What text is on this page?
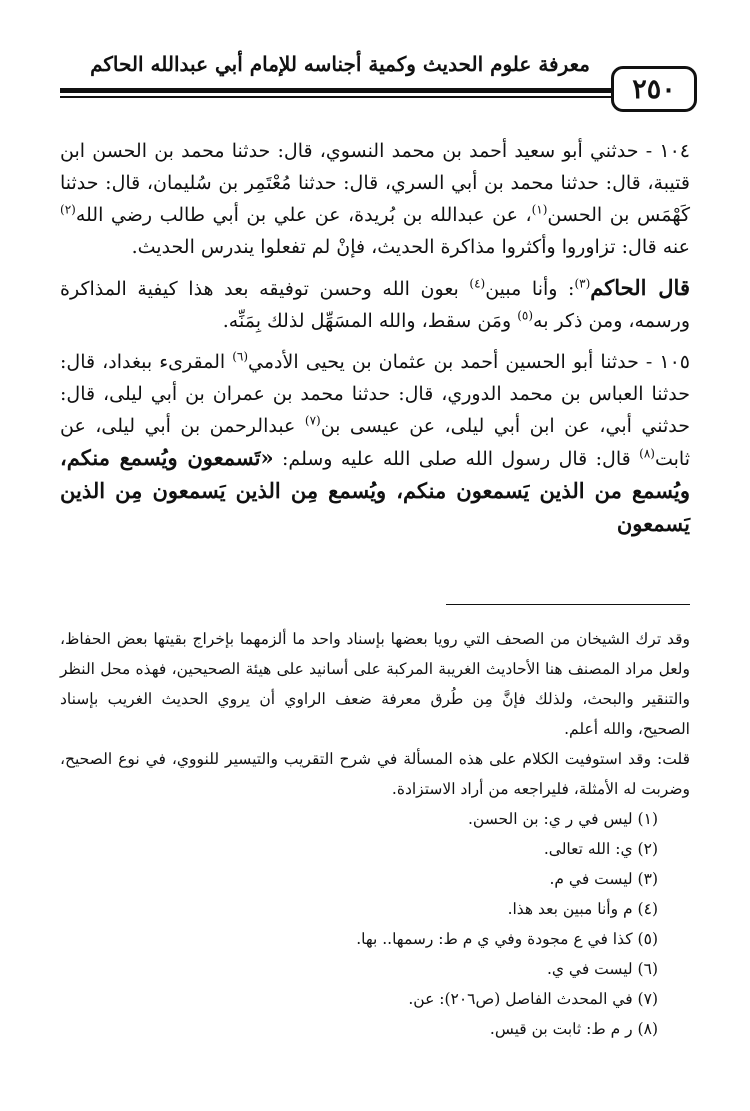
معرفة علوم الحديث وكمية أجناسه للإمام أبي عبدالله الحاكم
٢٥٠

١٠٤ - حدثني أبو سعيد أحمد بن محمد النسوي، قال: حدثنا محمد بن الحسن ابن قتيبة، قال: حدثنا محمد بن أبي السري، قال: حدثنا مُعْتَمِر بن سُليمان، قال: حدثنا كَهْمَس بن الحسن$^{(١)}$، عن عبدالله بن بُريدة، عن علي بن أبي طالب رضي الله$^{(٢)}$ عنه قال: تزاوروا وأكثروا مذاكرة الحديث، فإنْ لم تفعلوا يندرس الحديث.

قال الحاكم$^{(٣)}$: وأنا مبين$^{(٤)}$ بعون الله وحسن توفيقه بعد هذا كيفية المذاكرة ورسمه، ومن ذكر به$^{(٥)}$ ومَن سقط، والله المسَهِّل لذلك بِمَنِّه.

١٠٥ - حدثنا أبو الحسين أحمد بن عثمان بن يحيى الأدمي$^{(٦)}$ المقرىء ببغداد، قال: حدثنا العباس بن محمد الدوري، قال: حدثنا محمد بن عمران بن أبي ليلى، قال: حدثني أبي، عن ابن أبي ليلى، عن عيسى بن$^{(٧)}$ عبدالرحمن بن أبي ليلى، عن ثابت$^{(٨)}$ قال: قال رسول الله صلى الله عليه وسلم: «تَسمعون ويُسمع منكم، ويُسمع من الذين يَسمعون منكم، ويُسمع مِن الذين يَسمعون مِن الذين يَسمعون

وقد ترك الشيخان من الصحف التي رويا بعضها بإسناد واحد ما ألزمهما بإخراج بقيتها بعض الحفاظ، ولعل مراد المصنف هنا الأحاديث الغريبة المركبة على أسانيد على هيئة الصحيحين، فهذه محل النظر والتنقير والبحث، ولذلك فإنَّ مِن طُرق معرفة ضعف الراوي أن يروي الحديث الغريب بإسناد الصحيح، والله أعلم.

قلت: وقد استوفيت الكلام على هذه المسألة في شرح التقريب والتيسير للنووي، في نوع الصحيح، وضربت له الأمثلة، فليراجعه من أراد الاستزادة.

(١) ليس في ر ي: بن الحسن.

(٢) ي: الله تعالى.

(٣) ليست في م.

(٤) م وأنا مبين بعد هذا.

(٥) كذا في ع مجودة وفي ي م ط: رسمها.. بها.

(٦) ليست في ي.

(٧) في المحدث الفاصل (ص٢٠٦): عن.

(٨) ر م ط: ثابت بن قيس.
